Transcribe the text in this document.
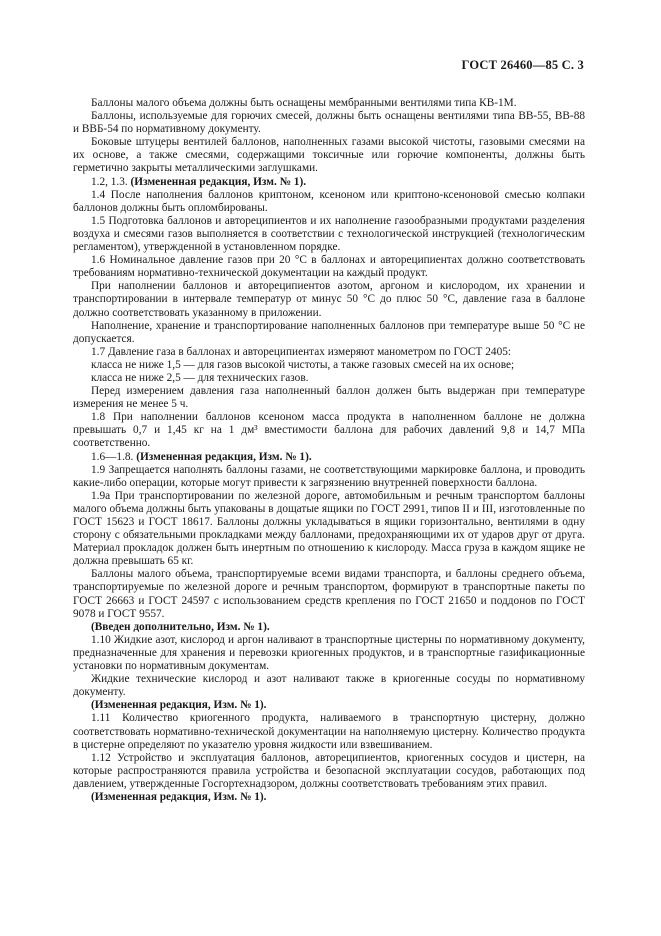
ГОСТ 26460—85 С. 3

Баллоны малого объема должны быть оснащены мембранными вентилями типа КВ-1М.

Баллоны, используемые для горючих смесей, должны быть оснащены вентилями типа ВВ-55, ВВ-88 и ВВБ-54 по нормативному документу.

Боковые штуцеры вентилей баллонов, наполненных газами высокой чистоты, газовыми смесями на их основе, а также смесями, содержащими токсичные или горючие компоненты, должны быть герметично закрыты металлическими заглушками.

1.2, 1.3. (Измененная редакция, Изм. № 1).

1.4 После наполнения баллонов криптоном, ксеноном или криптоно-ксеноновой смесью колпаки баллонов должны быть опломбированы.

1.5 Подготовка баллонов и автореципиентов и их наполнение газообразными продуктами разделения воздуха и смесями газов выполняется в соответствии с технологической инструкцией (технологическим регламентом), утвержденной в установленном порядке.

1.6 Номинальное давление газов при 20 °С в баллонах и автореципиентах должно соответствовать требованиям нормативно-технической документации на каждый продукт.

При наполнении баллонов и автореципиентов азотом, аргоном и кислородом, их хранении и транспортировании в интервале температур от минус 50 °С до плюс 50 °С, давление газа в баллоне должно соответствовать указанному в приложении.

Наполнение, хранение и транспортирование наполненных баллонов при температуре выше 50 °С не допускается.

1.7 Давление газа в баллонах и автореципиентах измеряют манометром по ГОСТ 2405:

класса не ниже 1,5 — для газов высокой чистоты, а также газовых смесей на их основе;

класса не ниже 2,5 — для технических газов.

Перед измерением давления газа наполненный баллон должен быть выдержан при температуре измерения не менее 5 ч.

1.8 При наполнении баллонов ксеноном масса продукта в наполненном баллоне не должна превышать 0,7 и 1,45 кг на 1 дм³ вместимости баллона для рабочих давлений 9,8 и 14,7 МПа соответственно.

1.6—1.8. (Измененная редакция, Изм. № 1).

1.9 Запрещается наполнять баллоны газами, не соответствующими маркировке баллона, и проводить какие-либо операции, которые могут привести к загрязнению внутренней поверхности баллона.

1.9а При транспортировании по железной дороге, автомобильным и речным транспортом баллоны малого объема должны быть упакованы в дощатые ящики по ГОСТ 2991, типов II и III, изготовленные по ГОСТ 15623 и ГОСТ 18617. Баллоны должны укладываться в ящики горизонтально, вентилями в одну сторону с обязательными прокладками между баллонами, предохраняющими их от ударов друг от друга. Материал прокладок должен быть инертным по отношению к кислороду. Масса груза в каждом ящике не должна превышать 65 кг.

Баллоны малого объема, транспортируемые всеми видами транспорта, и баллоны среднего объема, транспортируемые по железной дороге и речным транспортом, формируют в транспортные пакеты по ГОСТ 26663 и ГОСТ 24597 с использованием средств крепления по ГОСТ 21650 и поддонов по ГОСТ 9078 и ГОСТ 9557.

(Введен дополнительно, Изм. № 1).

1.10 Жидкие азот, кислород и аргон наливают в транспортные цистерны по нормативному документу, предназначенные для хранения и перевозки криогенных продуктов, и в транспортные газификационные установки по нормативным документам.

Жидкие технические кислород и азот наливают также в криогенные сосуды по нормативному документу.

(Измененная редакция, Изм. № 1).

1.11 Количество криогенного продукта, наливаемого в транспортную цистерну, должно соответствовать нормативно-технической документации на наполняемую цистерну. Количество продукта в цистерне определяют по указателю уровня жидкости или взвешиванием.

1.12 Устройство и эксплуатация баллонов, автореципиентов, криогенных сосудов и цистерн, на которые распространяются правила устройства и безопасной эксплуатации сосудов, работающих под давлением, утвержденные Госгортехнадзором, должны соответствовать требованиям этих правил.

(Измененная редакция, Изм. № 1).
